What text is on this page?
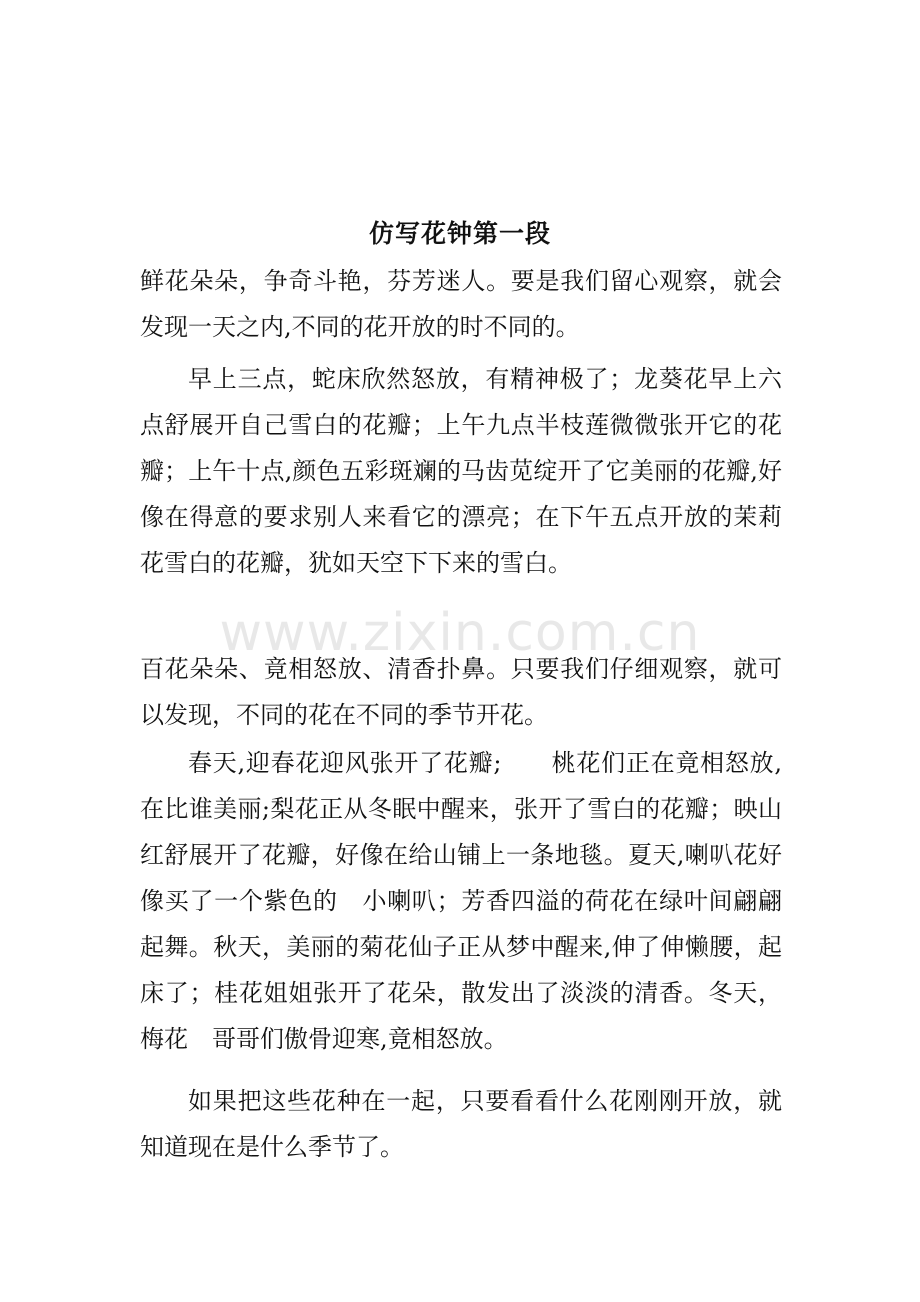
仿写花钟第一段

鲜花朵朵，争奇斗艳，芬芳迷人。要是我们留心观察，就会发现一天之内,不同的花开放的时不同的。

早上三点，蛇床欣然怒放，有精神极了；龙葵花早上六点舒展开自己雪白的花瓣；上午九点半枝莲微微张开它的花瓣；上午十点,颜色五彩斑斓的马齿苋绽开了它美丽的花瓣,好像在得意的要求别人来看它的漂亮；在下午五点开放的茉莉花雪白的花瓣，犹如天空下下来的雪白。

www.zixin.com.cn

百花朵朵、竟相怒放、清香扑鼻。只要我们仔细观察，就可以发现，不同的花在不同的季节开花。

春天,迎春花迎风张开了花瓣;　　桃花们正在竟相怒放,在比谁美丽;梨花正从冬眠中醒来，张开了雪白的花瓣；映山红舒展开了花瓣，好像在给山铺上一条地毯。夏天,喇叭花好像买了一个紫色的　小喇叭；芳香四溢的荷花在绿叶间翩翩起舞。秋天，美丽的菊花仙子正从梦中醒来,伸了伸懒腰，起床了；桂花姐姐张开了花朵，散发出了淡淡的清香。冬天，梅花　哥哥们傲骨迎寒,竟相怒放。

如果把这些花种在一起，只要看看什么花刚刚开放，就知道现在是什么季节了。
